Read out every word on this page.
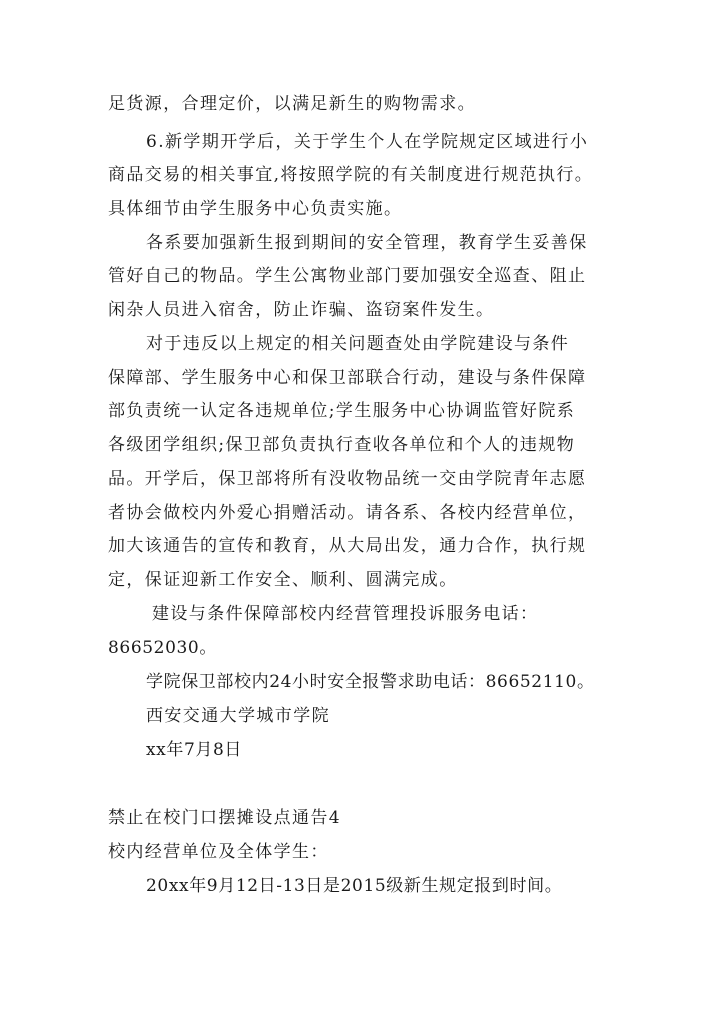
足货源，合理定价，以满足新生的购物需求。
6.新学期开学后，关于学生个人在学院规定区域进行小
商品交易的相关事宜,将按照学院的有关制度进行规范执行。
具体细节由学生服务中心负责实施。
各系要加强新生报到期间的安全管理，教育学生妥善保
管好自己的物品。学生公寓物业部门要加强安全巡查、阻止
闲杂人员进入宿舍，防止诈骗、盗窃案件发生。
对于违反以上规定的相关问题查处由学院建设与条件
保障部、学生服务中心和保卫部联合行动，建设与条件保障
部负责统一认定各违规单位;学生服务中心协调监管好院系
各级团学组织;保卫部负责执行查收各单位和个人的违规物
品。开学后，保卫部将所有没收物品统一交由学院青年志愿
者协会做校内外爱心捐赠活动。请各系、各校内经营单位，
加大该通告的宣传和教育，从大局出发，通力合作，执行规
定，保证迎新工作安全、顺利、圆满完成。
建设与条件保障部校内经营管理投诉服务电话：
86652030。
学院保卫部校内24小时安全报警求助电话：86652110。
西安交通大学城市学院
xx年7月8日
禁止在校门口摆摊设点通告4
校内经营单位及全体学生：
20xx年9月12日-13日是2015级新生规定报到时间。
